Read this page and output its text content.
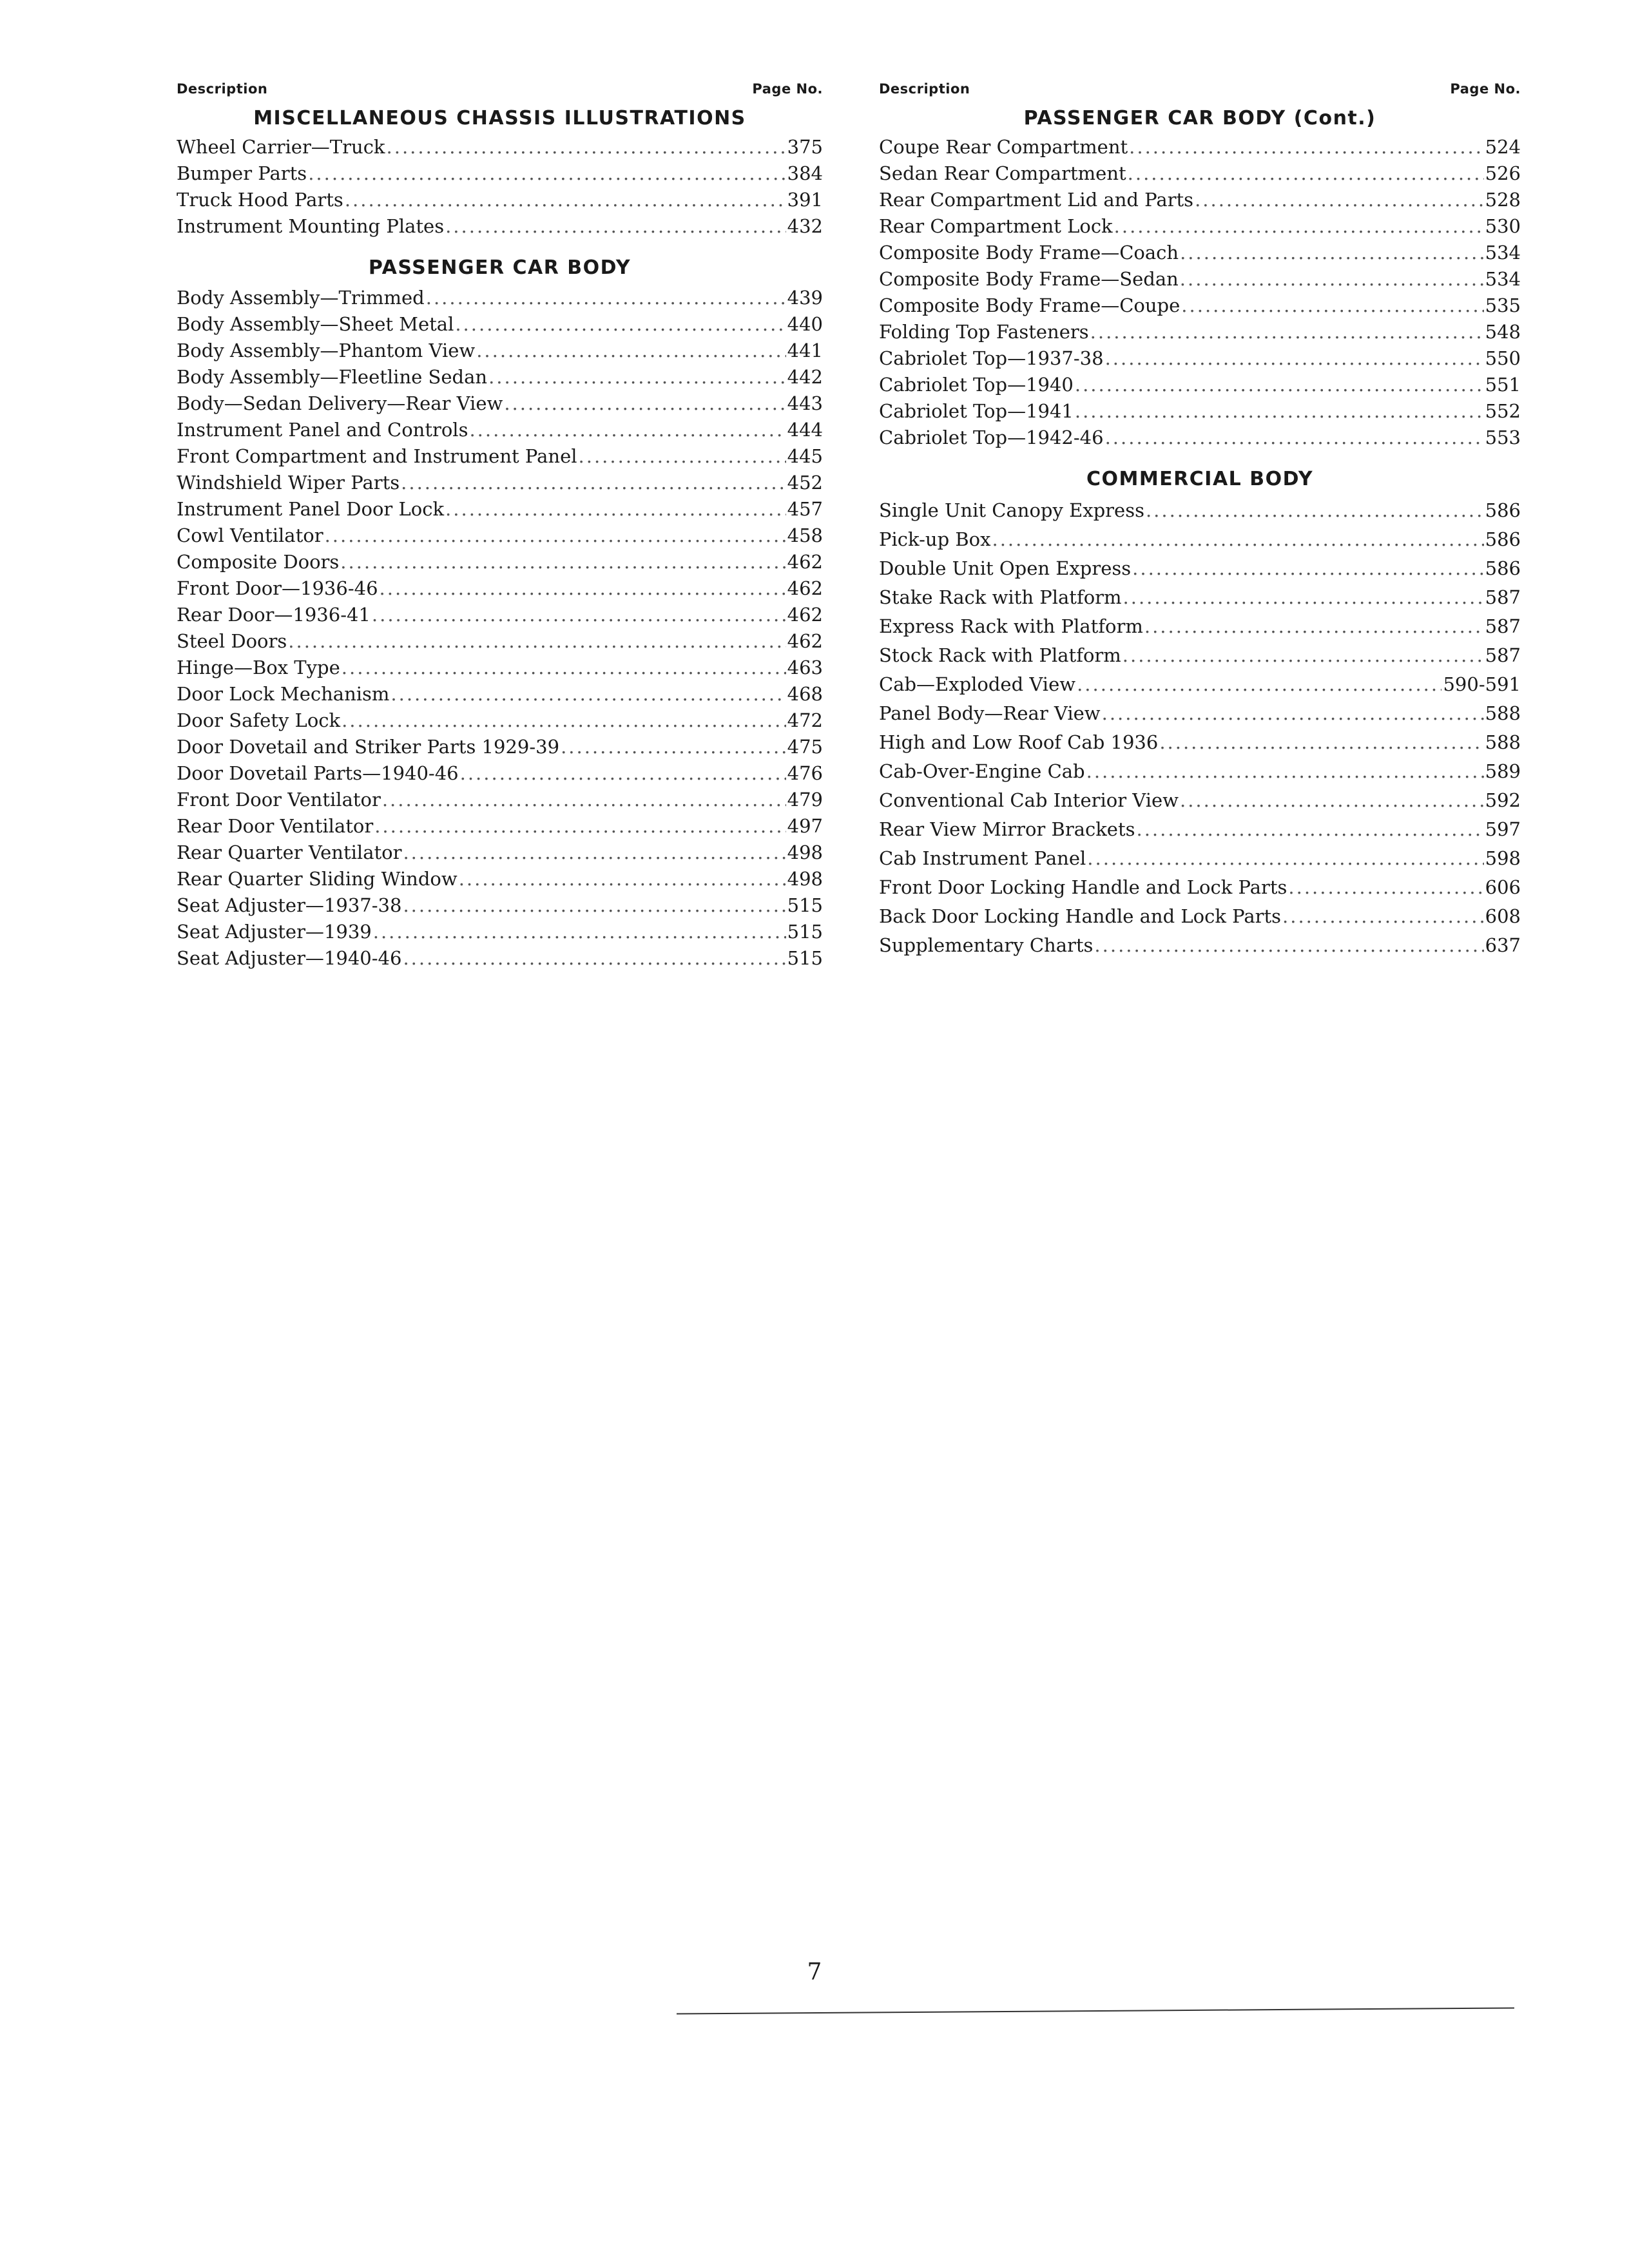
Description	Page No.
MISCELLANEOUS CHASSIS ILLUSTRATIONS
Wheel Carrier—Truck .....	375
Bumper Parts .....	384
Truck Hood Parts .....	391
Instrument Mounting Plates .....	432
PASSENGER CAR BODY
Body Assembly—Trimmed .....	439
Body Assembly—Sheet Metal .....	440
Body Assembly—Phantom View .....	441
Body Assembly—Fleetline Sedan .....	442
Body—Sedan Delivery—Rear View .....	443
Instrument Panel and Controls .....	444
Front Compartment and Instrument Panel .....	445
Windshield Wiper Parts .....	452
Instrument Panel Door Lock .....	457
Cowl Ventilator .....	458
Composite Doors .....	462
Front Door—1936-46 .....	462
Rear Door—1936-41 .....	462
Steel Doors .....	462
Hinge—Box Type .....	463
Door Lock Mechanism .....	468
Door Safety Lock .....	472
Door Dovetail and Striker Parts 1929-39 .....	475
Door Dovetail Parts—1940-46 .....	476
Front Door Ventilator .....	479
Rear Door Ventilator .....	497
Rear Quarter Ventilator .....	498
Rear Quarter Sliding Window .....	498
Seat Adjuster—1937-38 .....	515
Seat Adjuster—1939 .....	515
Seat Adjuster—1940-46 .....	515
Description	Page No.
PASSENGER CAR BODY (Cont.)
Coupe Rear Compartment .....	524
Sedan Rear Compartment .....	526
Rear Compartment Lid and Parts .....	528
Rear Compartment Lock .....	530
Composite Body Frame—Coach .....	534
Composite Body Frame—Sedan .....	534
Composite Body Frame—Coupe .....	535
Folding Top Fasteners .....	548
Cabriolet Top—1937-38 .....	550
Cabriolet Top—1940 .....	551
Cabriolet Top—1941 .....	552
Cabriolet Top—1942-46 .....	553
COMMERCIAL BODY
Single Unit Canopy Express .....	586
Pick-up Box .....	586
Double Unit Open Express .....	586
Stake Rack with Platform .....	587
Express Rack with Platform .....	587
Stock Rack with Platform .....	587
Cab—Exploded View .....	590-591
Panel Body—Rear View .....	588
High and Low Roof Cab 1936 .....	588
Cab-Over-Engine Cab .....	589
Conventional Cab Interior View .....	592
Rear View Mirror Brackets .....	597
Cab Instrument Panel .....	598
Front Door Locking Handle and Lock Parts .....	606
Back Door Locking Handle and Lock Parts .....	608
Supplementary Charts .....	637
7
